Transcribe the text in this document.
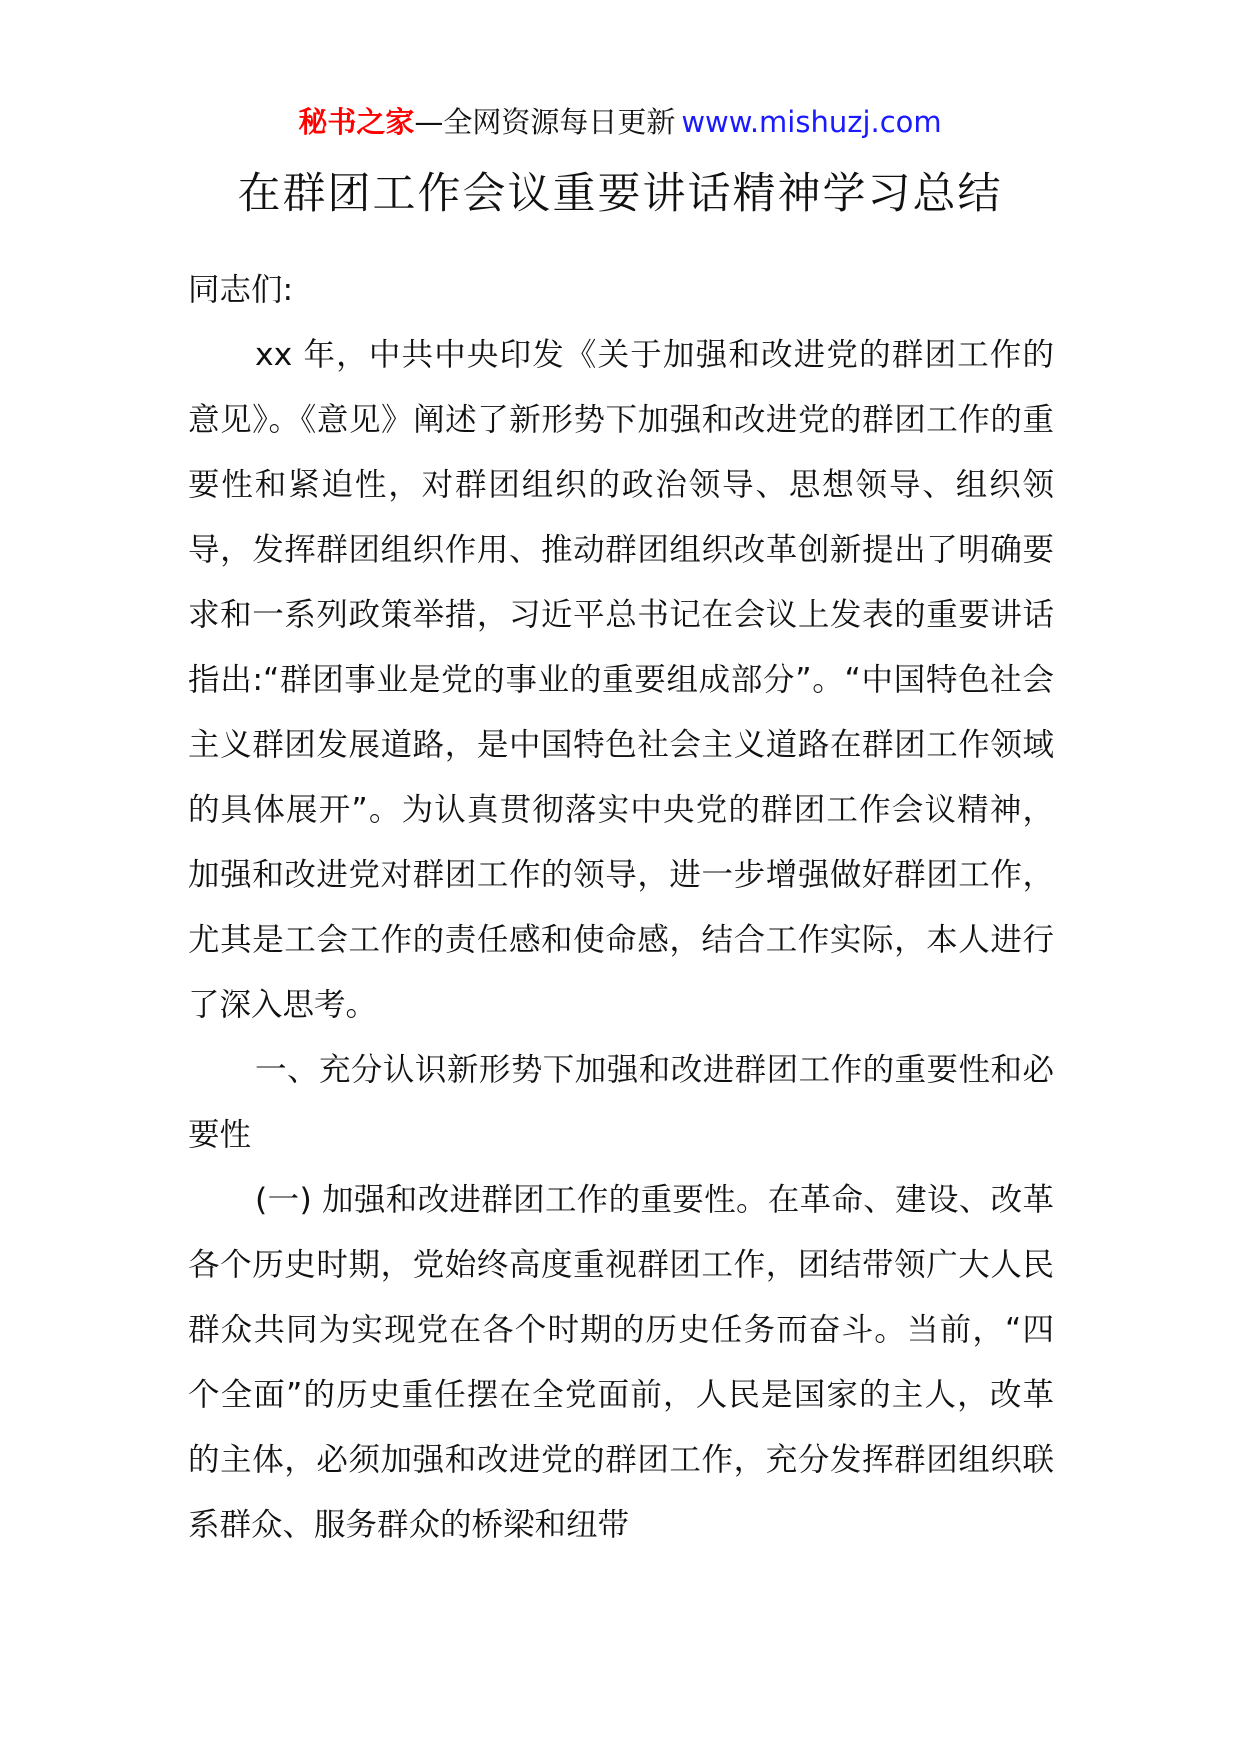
秘书之家—全网资源每日更新 www.mishuzj.com
在群团工作会议重要讲话精神学习总结

同志们:

xx 年，中共中央印发《关于加强和改进党的群团工作的意见》。《意见》阐述了新形势下加强和改进党的群团工作的重要性和紧迫性，对群团组织的政治领导、思想领导、组织领导，发挥群团组织作用、推动群团组织改革创新提出了明确要求和一系列政策举措，习近平总书记在会议上发表的重要讲话指出:“群团事业是党的事业的重要组成部分”。“中国特色社会主义群团发展道路，是中国特色社会主义道路在群团工作领域的具体展开”。为认真贯彻落实中央党的群团工作会议精神，加强和改进党对群团工作的领导，进一步增强做好群团工作，尤其是工会工作的责任感和使命感，结合工作实际，本人进行了深入思考。

一、充分认识新形势下加强和改进群团工作的重要性和必要性

(一) 加强和改进群团工作的重要性。在革命、建设、改革各个历史时期，党始终高度重视群团工作，团结带领广大人民群众共同为实现党在各个时期的历史任务而奋斗。当前，“四个全面”的历史重任摆在全党面前，人民是国家的主人，改革的主体，必须加强和改进党的群团工作，充分发挥群团组织联系群众、服务群众的桥梁和纽带
